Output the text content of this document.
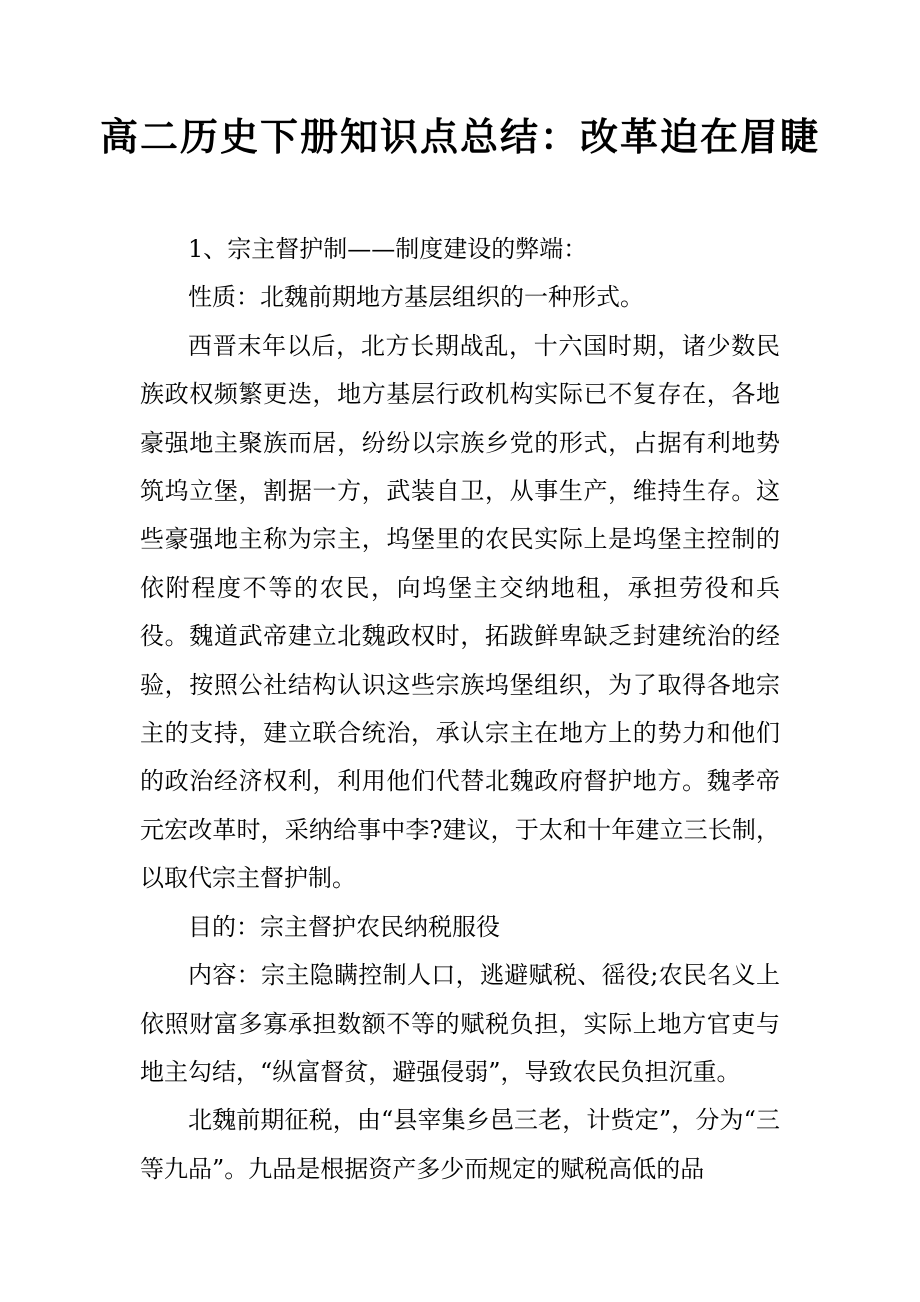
高二历史下册知识点总结：改革迫在眉睫

1、宗主督护制——制度建设的弊端：

性质：北魏前期地方基层组织的一种形式。

西晋末年以后，北方长期战乱，十六国时期，诸少数民族政权频繁更迭，地方基层行政机构实际已不复存在，各地豪强地主聚族而居，纷纷以宗族乡党的形式，占据有利地势筑坞立堡，割据一方，武装自卫，从事生产，维持生存。这些豪强地主称为宗主，坞堡里的农民实际上是坞堡主控制的依附程度不等的农民，向坞堡主交纳地租，承担劳役和兵役。魏道武帝建立北魏政权时，拓跋鲜卑缺乏封建统治的经验，按照公社结构认识这些宗族坞堡组织，为了取得各地宗主的支持，建立联合统治，承认宗主在地方上的势力和他们的政治经济权利，利用他们代替北魏政府督护地方。魏孝帝元宏改革时，采纳给事中李?建议，于太和十年建立三长制，以取代宗主督护制。

目的：宗主督护农民纳税服役

内容：宗主隐瞒控制人口，逃避赋税、徭役;农民名义上依照财富多寡承担数额不等的赋税负担，实际上地方官吏与地主勾结，“纵富督贫，避强侵弱”，导致农民负担沉重。

北魏前期征税，由“县宰集乡邑三老，计赀定”，分为“三等九品”。九品是根据资产多少而规定的赋税高低的品
